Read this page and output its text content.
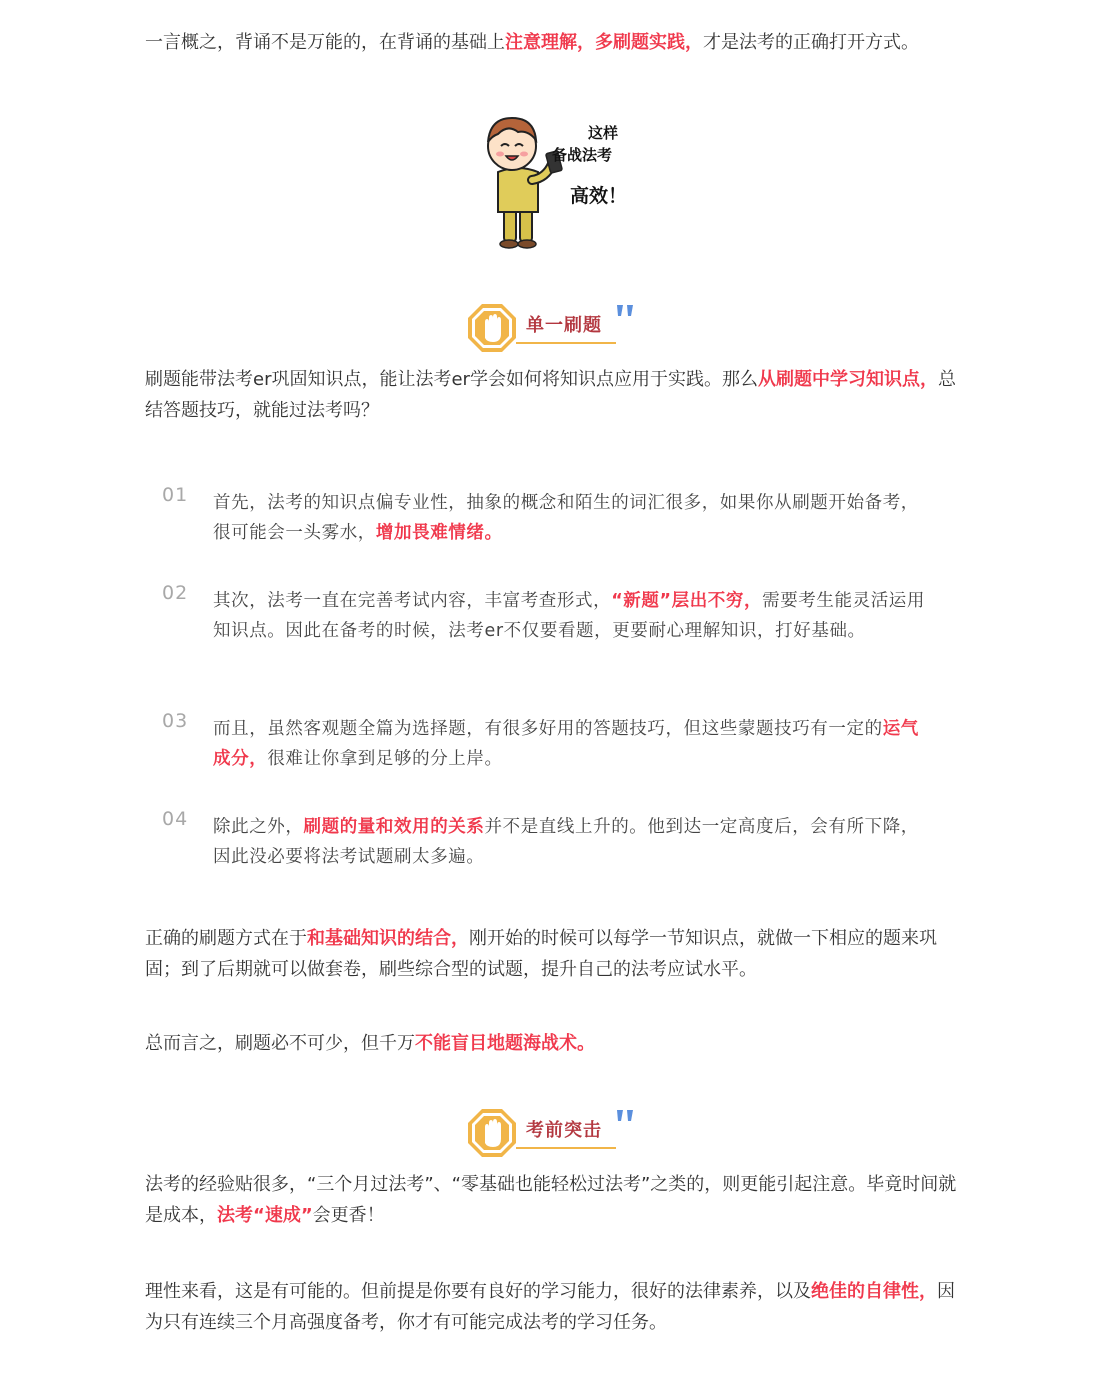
一言概之，背诵不是万能的，在背诵的基础上注意理解，多刷题实践，才是法考的正确打开方式。

这样
备战法考
高效！
单一刷题

刷题能带法考er巩固知识点，能让法考er学会如何将知识点应用于实践。那么从刷题中学习知识点，总结答题技巧，就能过法考吗？

01 首先，法考的知识点偏专业性，抽象的概念和陌生的词汇很多，如果你从刷题开始备考，很可能会一头雾水，增加畏难情绪。

02 其次，法考一直在完善考试内容，丰富考查形式，“新题”层出不穷，需要考生能灵活运用知识点。因此在备考的时候，法考er不仅要看题，更要耐心理解知识，打好基础。

03 而且，虽然客观题全篇为选择题，有很多好用的答题技巧，但这些蒙题技巧有一定的运气成分，很难让你拿到足够的分上岸。

04 除此之外，刷题的量和效用的关系并不是直线上升的。他到达一定高度后，会有所下降，因此没必要将法考试题刷太多遍。

正确的刷题方式在于和基础知识的结合，刚开始的时候可以每学一节知识点，就做一下相应的题来巩固；到了后期就可以做套卷，刷些综合型的试题，提升自己的法考应试水平。

总而言之，刷题必不可少，但千万不能盲目地题海战术。

考前突击

法考的经验贴很多，“三个月过法考”、“零基础也能轻松过法考”之类的，则更能引起注意。毕竟时间就是成本，法考“速成”会更香！

理性来看，这是有可能的。但前提是你要有良好的学习能力，很好的法律素养，以及绝佳的自律性，因为只有连续三个月高强度备考，你才有可能完成法考的学习任务。
